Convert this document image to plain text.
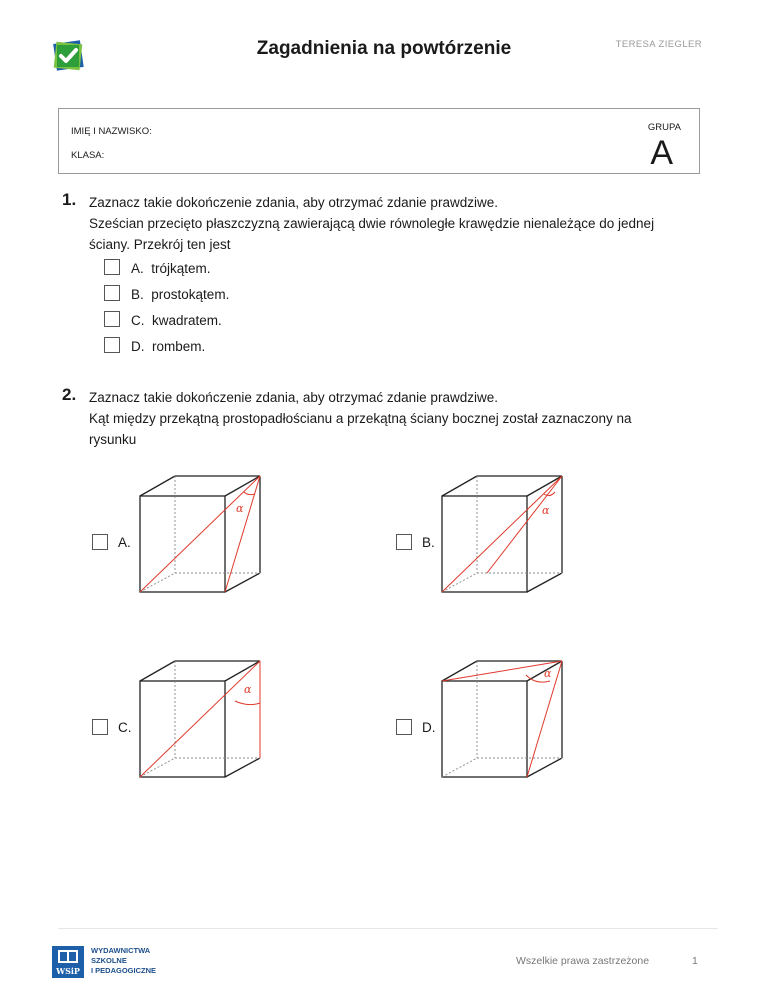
Zagadnienia na powtórzenie	TERESA ZIEGLER
IMIĘ I NAZWISKO:
KLASA:
GRUPA
A
1. Zaznacz takie dokończenie zdania, aby otrzymać zdanie prawdziwe.
Sześcian przecięto płaszczyzną zawierającą dwie równoległe krawędzie nienależące do jednej
ściany. Przekrój ten jest
A. trójkątem.
B. prostokątem.
C. kwadratem.
D. rombem.
2. Zaznacz takie dokończenie zdania, aby otrzymać zdanie prawdziwe.
Kąt między przekątną prostopadłościanu a przekątną ściany bocznej został zaznaczony na
rysunku
A.
α
B.
α
C.
α
D.
α
WSiP
WYDAWNICTWA
SZKOLNE
I PEDAGOGICZNE
Wszelkie prawa zastrzeżone	1
